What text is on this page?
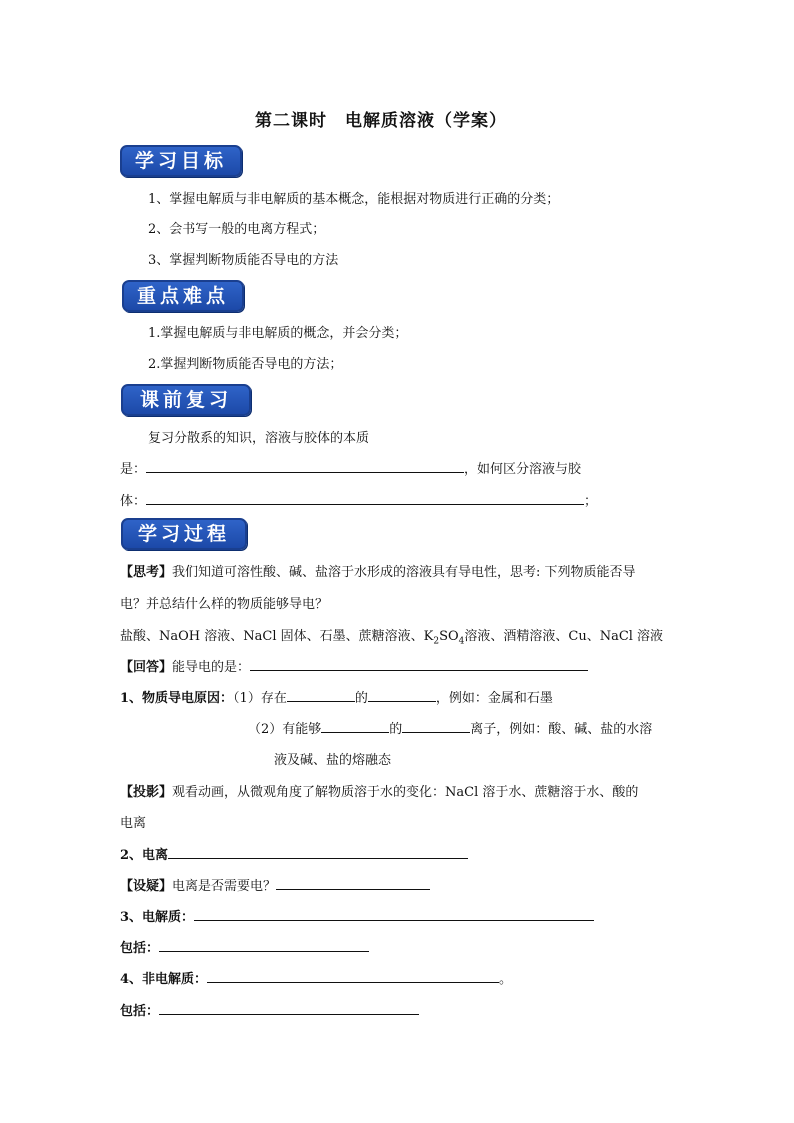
第二课时　电解质溶液（学案）
学习目标
1、掌握电解质与非电解质的基本概念，能根据对物质进行正确的分类；
2、会书写一般的电离方程式；
3、掌握判断物质能否导电的方法
重点难点
1.掌握电解质与非电解质的概念，并会分类；
2.掌握判断物质能否导电的方法；
课前复习
复习分散系的知识，溶液与胶体的本质
是：	，如何区分溶液与胶
体：	；
学习过程
【思考】我们知道可溶性酸、碱、盐溶于水形成的溶液具有导电性，思考: 下列物质能否导
电？并总结什么样的物质能够导电？
盐酸、NaOH 溶液、NaCl 固体、石墨、蔗糖溶液、$K_2SO_4$溶液、酒精溶液、Cu、NaCl 溶液
【回答】能导电的是：
1、物质导电原因：（1）存在	的	，例如：金属和石墨
（2）有能够	的	离子，例如：酸、碱、盐的水溶
液及碱、盐的熔融态
【投影】观看动画，从微观角度了解物质溶于水的变化：NaCl 溶于水、蔗糖溶于水、酸的
电离
2、电离
【设疑】电离是否需要电？
3、电解质：
包括：
4、非电解质：	。
包括：
